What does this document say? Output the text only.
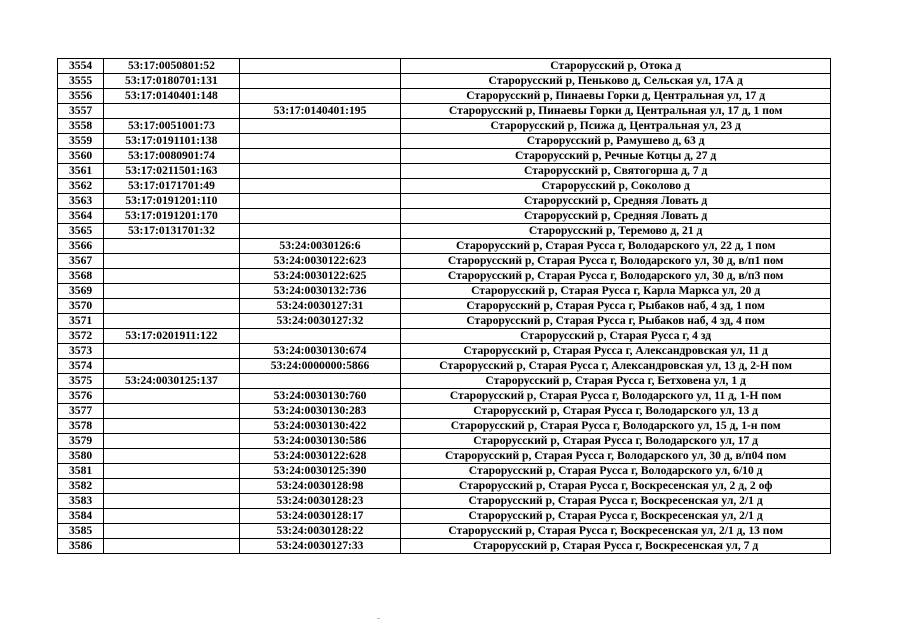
3554	53:17:0050801:52		Старорусский р, Отока д
3555	53:17:0180701:131		Старорусский р, Пеньково д, Сельская ул, 17А д
3556	53:17:0140401:148		Старорусский р, Пинаевы Горки д, Центральная ул, 17 д
3557		53:17:0140401:195	Старорусский р, Пинаевы Горки д, Центральная ул, 17 д, 1 пом
3558	53:17:0051001:73		Старорусский р, Псижа д, Центральная ул, 23 д
3559	53:17:0191101:138		Старорусский р, Рамушево д, 63 д
3560	53:17:0080901:74		Старорусский р, Речные Котцы д, 27 д
3561	53:17:0211501:163		Старорусский р, Святогорша д, 7 д
3562	53:17:0171701:49		Старорусский р, Соколово д
3563	53:17:0191201:110		Старорусский р, Средняя Ловать д
3564	53:17:0191201:170		Старорусский р, Средняя Ловать д
3565	53:17:0131701:32		Старорусский р, Теремово д, 21 д
3566		53:24:0030126:6	Старорусский р, Старая Русса г, Володарского ул, 22 д, 1 пом
3567		53:24:0030122:623	Старорусский р, Старая Русса г, Володарского ул, 30 д, в/п1 пом
3568		53:24:0030122:625	Старорусский р, Старая Русса г, Володарского ул, 30 д, в/п3 пом
3569		53:24:0030132:736	Старорусский р, Старая Русса г, Карла Маркса ул, 20 д
3570		53:24:0030127:31	Старорусский р, Старая Русса г, Рыбаков наб, 4 зд, 1 пом
3571		53:24:0030127:32	Старорусский р, Старая Русса г, Рыбаков наб, 4 зд, 4 пом
3572	53:17:0201911:122		Старорусский р, Старая Русса г, 4 зд
3573		53:24:0030130:674	Старорусский р, Старая Русса г, Александровская ул, 11 д
3574		53:24:0000000:5866	Старорусский р, Старая Русса г, Александровская ул, 13 д, 2-Н пом
3575	53:24:0030125:137		Старорусский р, Старая Русса г, Бетховена ул, 1 д
3576		53:24:0030130:760	Старорусский р, Старая Русса г, Володарского ул, 11 д, 1-Н пом
3577		53:24:0030130:283	Старорусский р, Старая Русса г, Володарского ул, 13 д
3578		53:24:0030130:422	Старорусский р, Старая Русса г, Володарского ул, 15 д, 1-н пом
3579		53:24:0030130:586	Старорусский р, Старая Русса г, Володарского ул, 17 д
3580		53:24:0030122:628	Старорусский р, Старая Русса г, Володарского ул, 30 д, в/п04 пом
3581		53:24:0030125:390	Старорусский р, Старая Русса г, Володарского ул, 6/10 д
3582		53:24:0030128:98	Старорусский р, Старая Русса г, Воскресенская ул, 2 д, 2 оф
3583		53:24:0030128:23	Старорусский р, Старая Русса г, Воскресенская ул, 2/1 д
3584		53:24:0030128:17	Старорусский р, Старая Русса г, Воскресенская ул, 2/1 д
3585		53:24:0030128:22	Старорусский р, Старая Русса г, Воскресенская ул, 2/1 д, 13 пом
3586		53:24:0030127:33	Старорусский р, Старая Русса г, Воскресенская ул, 7 д
